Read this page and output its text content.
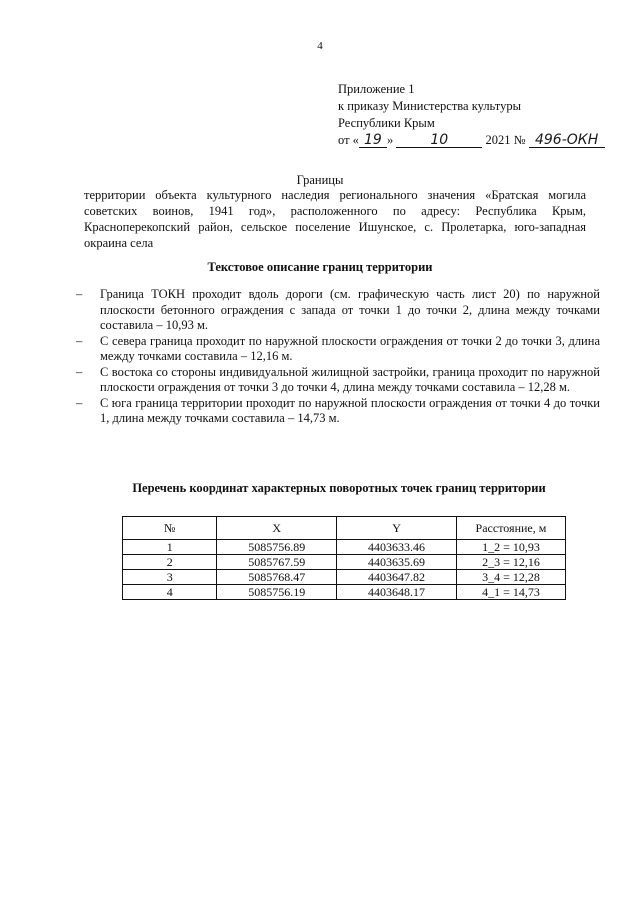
4
Приложение 1
к приказу Министерства культуры
Республики Крым
от « 19 »	10	2021 № 496-ОКН
Границы
территории объекта культурного наследия регионального значения «Братская могила советских воинов, 1941 год», расположенного по адресу: Республика Крым, Красноперекопский район, сельское поселение Ишунское, с. Пролетарка, юго-западная окраина села
Текстовое описание границ территории
– Граница ТОКН проходит вдоль дороги (см. графическую часть лист 20) по наружной плоскости бетонного ограждения с запада от точки 1 до точки 2, длина между точками составила – 10,93 м.
– С севера граница проходит по наружной плоскости ограждения от точки 2 до точки 3, длина между точками составила – 12,16 м.
– С востока со стороны индивидуальной жилищной застройки, граница проходит по наружной плоскости ограждения от точки 3 до точки 4, длина между точками составила – 12,28 м.
– С юга граница территории проходит по наружной плоскости ограждения от точки 4 до точки 1, длина между точками составила – 14,73 м.
Перечень координат характерных поворотных точек границ территории
№	X	Y	Расстояние, м
1	5085756.89	4403633.46	1_2 = 10,93
2	5085767.59	4403635.69	2_3 = 12,16
3	5085768.47	4403647.82	3_4 = 12,28
4	5085756.19	4403648.17	4_1 = 14,73
